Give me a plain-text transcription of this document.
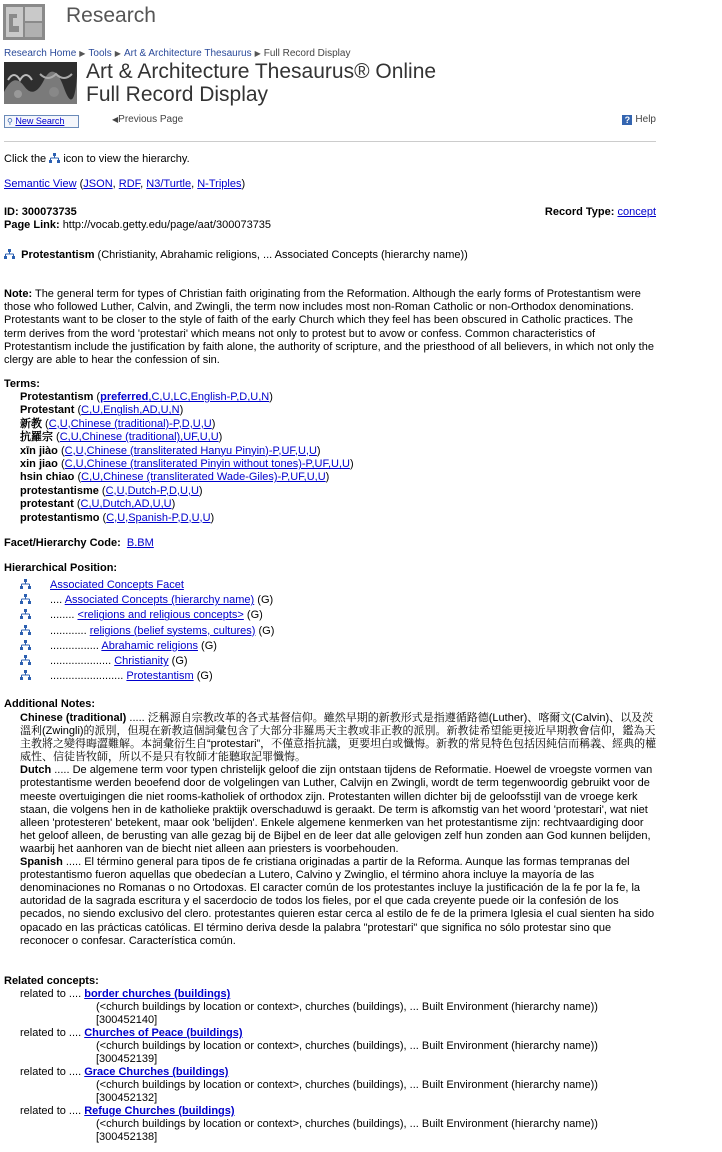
Research
Research Home ▶ Tools ▶ Art & Architecture Thesaurus ▶ Full Record Display
Art & Architecture Thesaurus® Online
Full Record Display
⚲ New Search	◀Previous Page	? Help
Click the icon to view the hierarchy.
Semantic View (JSON, RDF, N3/Turtle, N-Triples)
ID: 300073735
Page Link: http://vocab.getty.edu/page/aat/300073735
Record Type: concept
Protestantism (Christianity, Abrahamic religions, ... Associated Concepts (hierarchy name))
Note: The general term for types of Christian faith originating from the Reformation. Although the early forms of Protestantism were those who followed Luther, Calvin, and Zwingli, the term now includes most non-Roman Catholic or non-Orthodox denominations. Protestants want to be closer to the style of faith of the early Church which they feel has been obscured in Catholic practices. The term derives from the word 'protestari' which means not only to protest but to avow or confess. Common characteristics of Protestantism include the justification by faith alone, the authority of scripture, and the priesthood of all believers, in which not only the clergy are able to hear the confession of sin.
Terms:
Protestantism (preferred,C,U,LC,English-P,D,U,N)
Protestant (C,U,English,AD,U,N)
新教 (C,U,Chinese (traditional)-P,D,U,U)
抗羅宗 (C,U,Chinese (traditional),UF,U,U)
xīn jiào (C,U,Chinese (transliterated Hanyu Pinyin)-P,UF,U,U)
xin jiao (C,U,Chinese (transliterated Pinyin without tones)-P,UF,U,U)
hsin chiao (C,U,Chinese (transliterated Wade-Giles)-P,UF,U,U)
protestantisme (C,U,Dutch-P,D,U,U)
protestant (C,U,Dutch,AD,U,U)
protestantismo (C,U,Spanish-P,D,U,U)
Facet/Hierarchy Code: B.BM
Hierarchical Position:
Associated Concepts Facet
.... Associated Concepts (hierarchy name) (G)
........ <religions and religious concepts> (G)
............ religions (belief systems, cultures) (G)
................ Abrahamic religions (G)
.................... Christianity (G)
........................ Protestantism (G)
Additional Notes:
Chinese (traditional) ..... 泛稱源自宗教改革的各式基督信仰。雖然早期的新教形式是指遵循路德(Luther)、喀爾文(Calvin)、以及茨溫利(Zwingli)的派別，但現在新教這個詞彙包含了大部分非羅馬天主教或非正教的派別。新教徒希望能更接近早期教會信仰，鑑為天主教將之變得晦澀難解。本詞彙衍生自“protestari”，不僅意指抗議，更要坦白或懺悔。新教的常見特色包括因純信而稱義、經典的權威性、信徒皆牧師，所以不是只有牧師才能聽取記罪懺悔。
Dutch ..... De algemene term voor typen christelijk geloof die zijn ontstaan tijdens de Reformatie. Hoewel de vroegste vormen van protestantisme werden beoefend door de volgelingen van Luther, Calvijn en Zwingli, wordt de term tegenwoordig gebruikt voor de meeste overtuigingen die niet rooms-katholiek of orthodox zijn. Protestanten willen dichter bij de geloofsstijl van de vroege kerk staan, die volgens hen in de katholieke praktijk overschaduwd is geraakt. De term is afkomstig van het woord 'protestari', wat niet alleen 'protesteren' betekent, maar ook 'belijden'. Enkele algemene kenmerken van het protestantisme zijn: rechtvaardiging door het geloof alleen, de berusting van alle gezag bij de Bijbel en de leer dat alle gelovigen zelf hun zonden aan God kunnen belijden, waarbij het aanhoren van de biecht niet alleen aan priesters is voorbehouden.
Spanish ..... El término general para tipos de fe cristiana originadas a partir de la Reforma. Aunque las formas tempranas del protestantismo fueron aquellas que obedecían a Lutero, Calvino y Zwinglio, el término ahora incluye la mayoría de las denominaciones no Romanas o no Ortodoxas. El caracter común de los protestantes incluye la justificación de la fe por la fe, la autoridad de la sagrada escritura y el sacerdocio de todos los fieles, por el que cada creyente puede oir la confesión de los pecados, no siendo exclusivo del clero. protestantes quieren estar cerca al estilo de fe de la primera Iglesia el cual sienten ha sido opacado en las prácticas católicas. El término deriva desde la palabra "protestari" que significa no sólo protestar sino que reconocer o confesar. Característica común.
Related concepts:
related to .... border churches (buildings)
(<church buildings by location or context>, churches (buildings), ... Built Environment (hierarchy name)) [300452140]
related to .... Churches of Peace (buildings)
(<church buildings by location or context>, churches (buildings), ... Built Environment (hierarchy name)) [300452139]
related to .... Grace Churches (buildings)
(<church buildings by location or context>, churches (buildings), ... Built Environment (hierarchy name)) [300452132]
related to .... Refuge Churches (buildings)
(<church buildings by location or context>, churches (buildings), ... Built Environment (hierarchy name)) [300452138]
